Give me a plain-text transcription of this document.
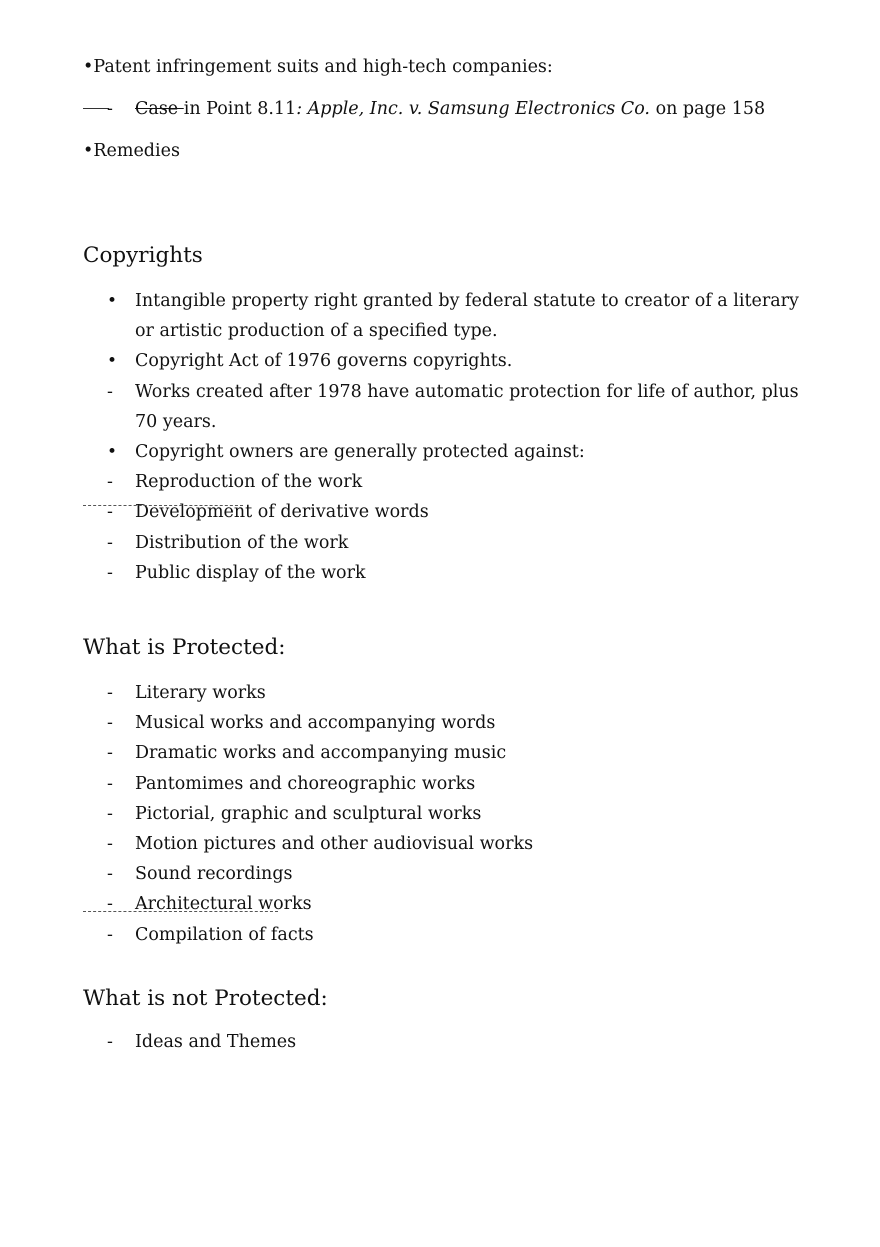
•Patent infringement suits and high-tech companies:
-	Case in Point 8.11: Apple, Inc. v. Samsung Electronics Co. on page 158
•Remedies
Copyrights
•	Intangible property right granted by federal statute to creator of a literary
or artistic production of a specified type.
•	Copyright Act of 1976 governs copyrights.
-	Works created after 1978 have automatic protection for life of author, plus
70 years.
•	Copyright owners are generally protected against:
-	Reproduction of the work
-	Development of derivative words
-	Distribution of the work
-	Public display of the work
What is Protected:
-	Literary works
-	Musical works and accompanying words
-	Dramatic works and accompanying music
-	Pantomimes and choreographic works
-	Pictorial, graphic and sculptural works
-	Motion pictures and other audiovisual works
-	Sound recordings
-	Architectural works
-	Compilation of facts
What is not Protected:
-	Ideas and Themes
